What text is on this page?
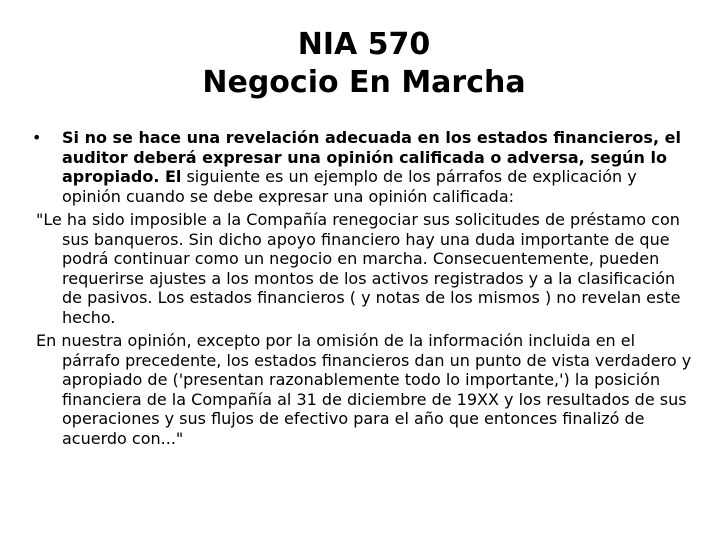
NIA 570
Negocio En Marcha

•	Si no se hace una revelación adecuada en los estados financieros, el auditor deberá expresar una opinión calificada o adversa, según lo apropiado. El siguiente es un ejemplo de los párrafos de explicación y opinión cuando se debe expresar una opinión calificada:

"Le ha sido imposible a la Compañía renegociar sus solicitudes de préstamo con sus banqueros. Sin dicho apoyo financiero hay una duda importante de que podrá continuar como un negocio en marcha. Consecuentemente, pueden requerirse ajustes a los montos de los activos registrados y a la clasificación de pasivos. Los estados financieros ( y notas de los mismos ) no revelan este hecho.

En nuestra opinión, excepto por la omisión de la información incluida en el párrafo precedente, los estados financieros dan un punto de vista verdadero y apropiado de ('presentan razonablemente todo lo importante,') la posición financiera de la Compañía al 31 de diciembre de 19XX y los resultados de sus operaciones y sus flujos de efectivo para el año que entonces finalizó de acuerdo con..."
